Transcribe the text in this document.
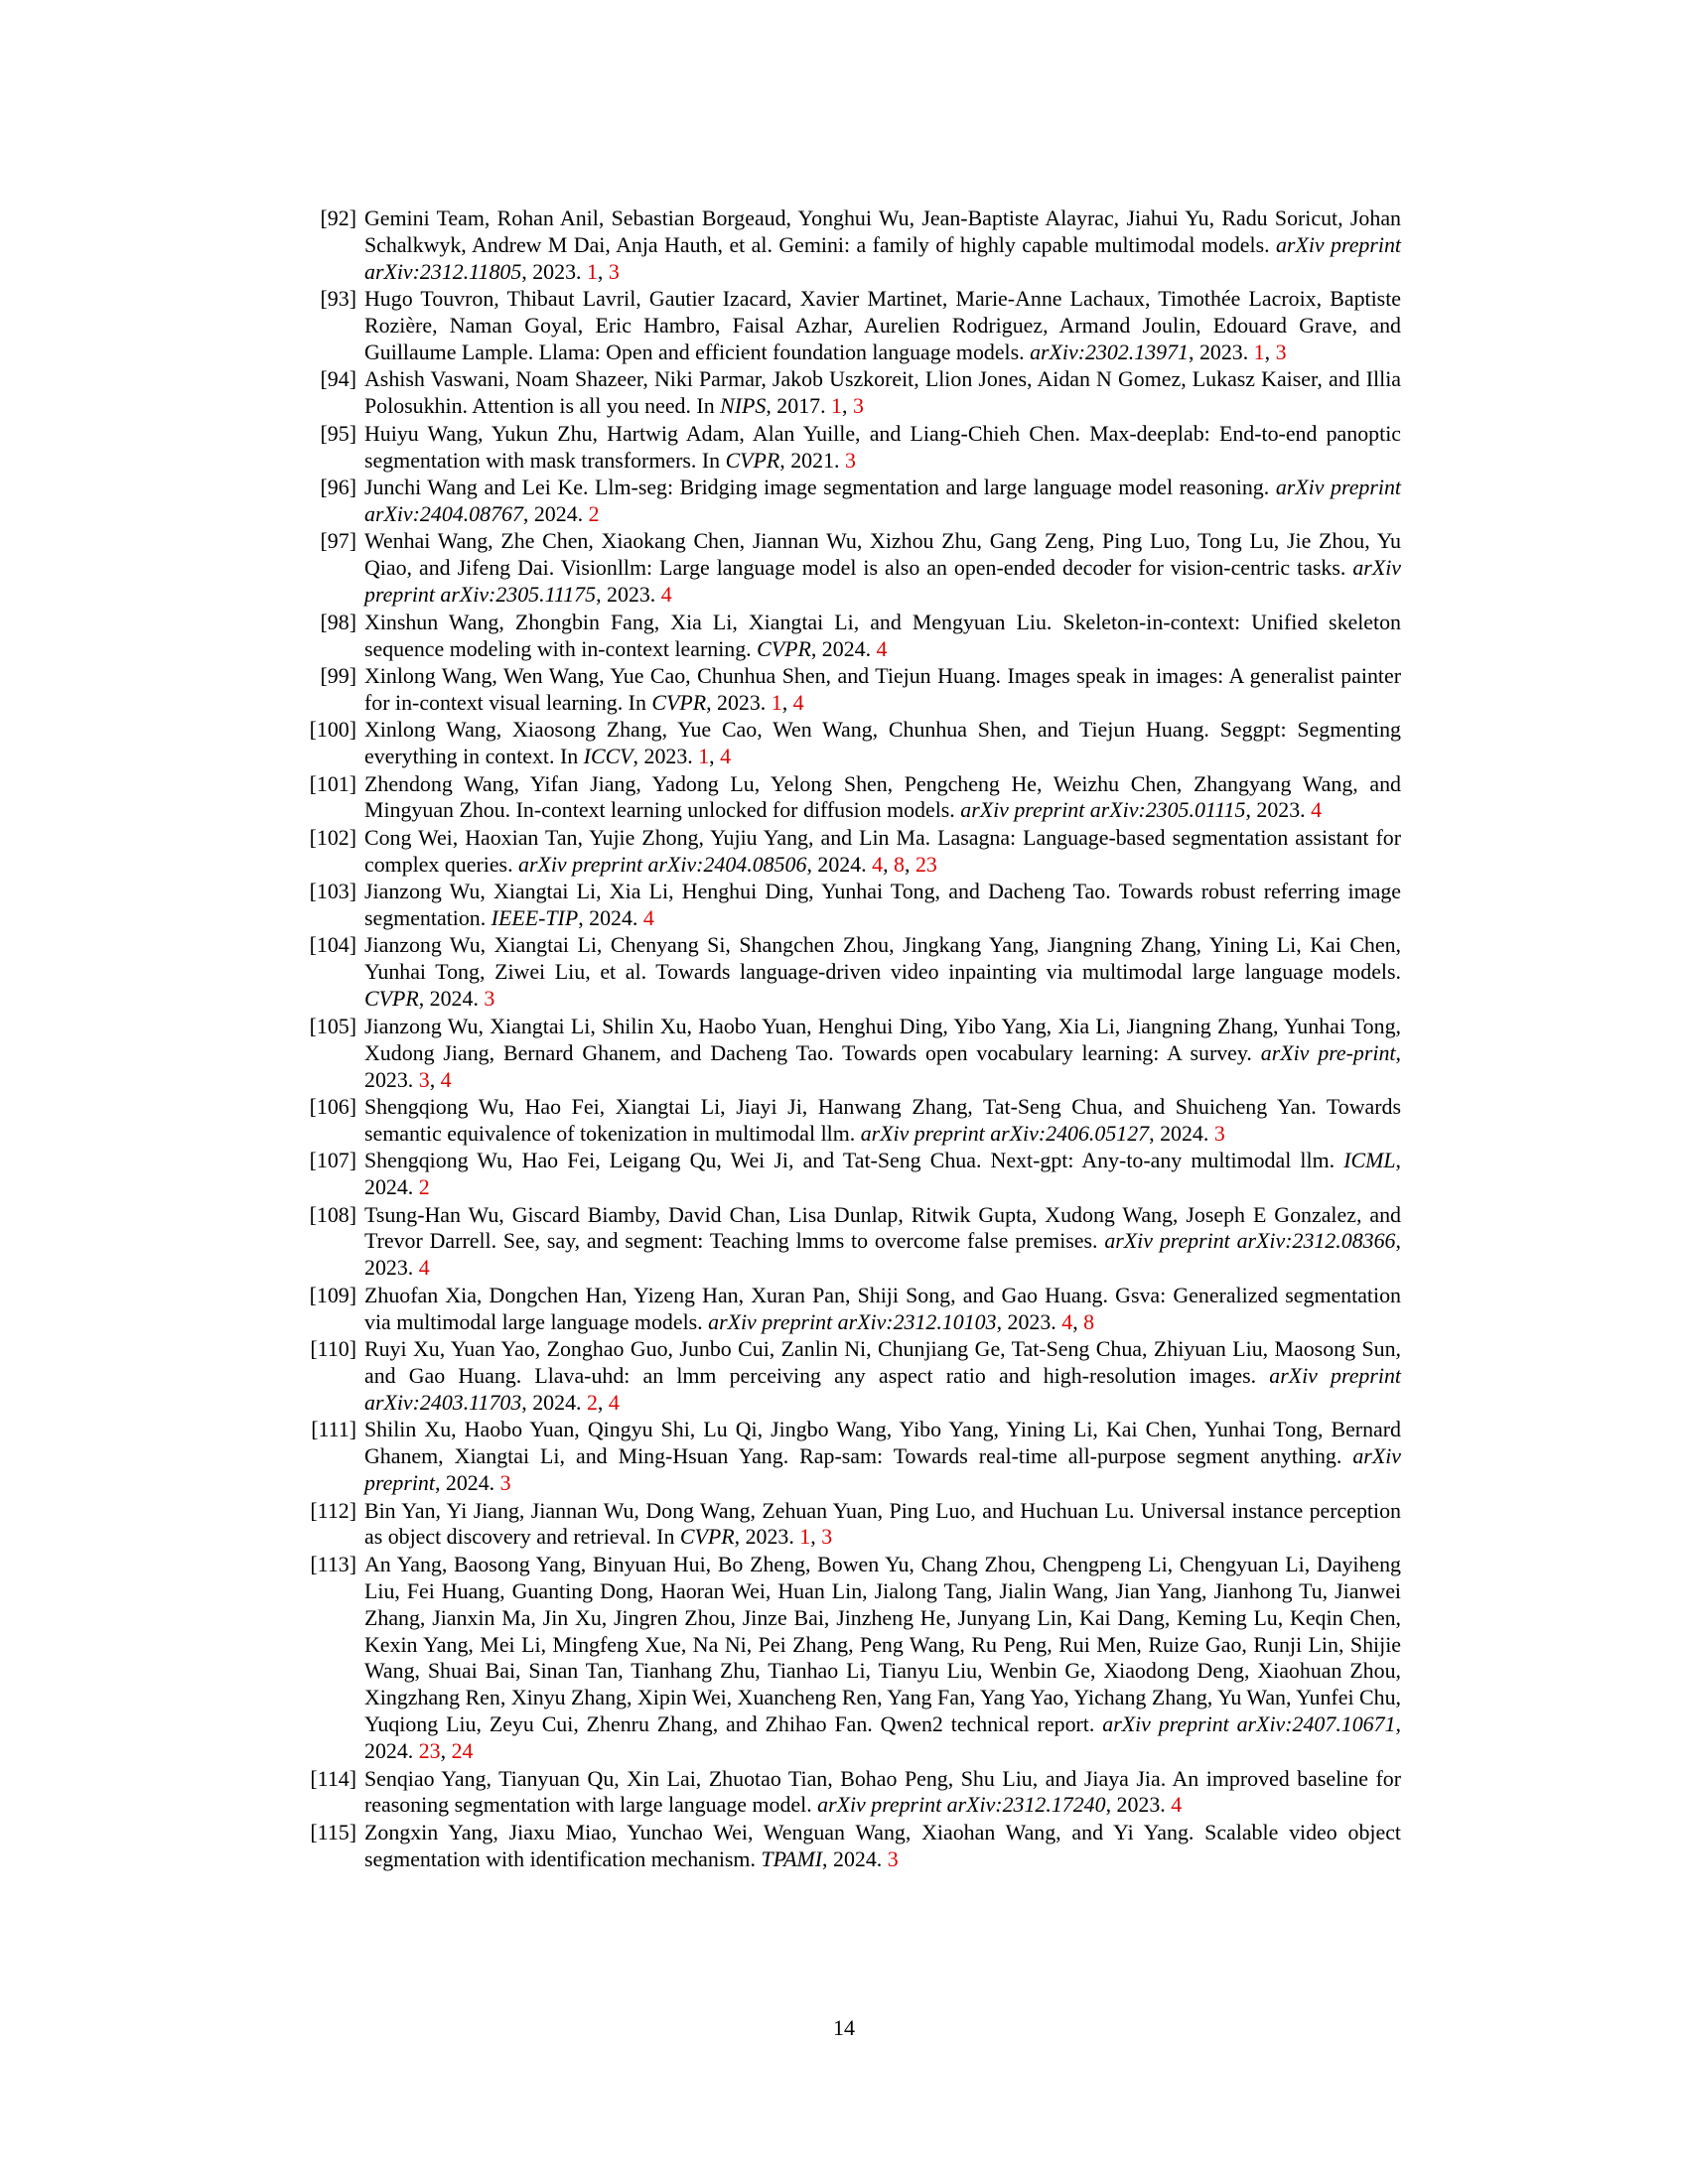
[92] Gemini Team, Rohan Anil, Sebastian Borgeaud, Yonghui Wu, Jean-Baptiste Alayrac, Jiahui Yu, Radu Soricut, Johan Schalkwyk, Andrew M Dai, Anja Hauth, et al. Gemini: a family of highly capable multimodal models. arXiv preprint arXiv:2312.11805, 2023. 1, 3
[93] Hugo Touvron, Thibaut Lavril, Gautier Izacard, Xavier Martinet, Marie-Anne Lachaux, Timothée Lacroix, Baptiste Rozière, Naman Goyal, Eric Hambro, Faisal Azhar, Aurelien Rodriguez, Armand Joulin, Edouard Grave, and Guillaume Lample. Llama: Open and efficient foundation language models. arXiv:2302.13971, 2023. 1, 3
[94] Ashish Vaswani, Noam Shazeer, Niki Parmar, Jakob Uszkoreit, Llion Jones, Aidan N Gomez, Lukasz Kaiser, and Illia Polosukhin. Attention is all you need. In NIPS, 2017. 1, 3
[95] Huiyu Wang, Yukun Zhu, Hartwig Adam, Alan Yuille, and Liang-Chieh Chen. Max-deeplab: End-to-end panoptic segmentation with mask transformers. In CVPR, 2021. 3
[96] Junchi Wang and Lei Ke. Llm-seg: Bridging image segmentation and large language model reasoning. arXiv preprint arXiv:2404.08767, 2024. 2
[97] Wenhai Wang, Zhe Chen, Xiaokang Chen, Jiannan Wu, Xizhou Zhu, Gang Zeng, Ping Luo, Tong Lu, Jie Zhou, Yu Qiao, and Jifeng Dai. Visionllm: Large language model is also an open-ended decoder for vision-centric tasks. arXiv preprint arXiv:2305.11175, 2023. 4
[98] Xinshun Wang, Zhongbin Fang, Xia Li, Xiangtai Li, and Mengyuan Liu. Skeleton-in-context: Unified skeleton sequence modeling with in-context learning. CVPR, 2024. 4
[99] Xinlong Wang, Wen Wang, Yue Cao, Chunhua Shen, and Tiejun Huang. Images speak in images: A generalist painter for in-context visual learning. In CVPR, 2023. 1, 4
[100] Xinlong Wang, Xiaosong Zhang, Yue Cao, Wen Wang, Chunhua Shen, and Tiejun Huang. Seggpt: Segmenting everything in context. In ICCV, 2023. 1, 4
[101] Zhendong Wang, Yifan Jiang, Yadong Lu, Yelong Shen, Pengcheng He, Weizhu Chen, Zhangyang Wang, and Mingyuan Zhou. In-context learning unlocked for diffusion models. arXiv preprint arXiv:2305.01115, 2023. 4
[102] Cong Wei, Haoxian Tan, Yujie Zhong, Yujiu Yang, and Lin Ma. Lasagna: Language-based segmentation assistant for complex queries. arXiv preprint arXiv:2404.08506, 2024. 4, 8, 23
[103] Jianzong Wu, Xiangtai Li, Xia Li, Henghui Ding, Yunhai Tong, and Dacheng Tao. Towards robust referring image segmentation. IEEE-TIP, 2024. 4
[104] Jianzong Wu, Xiangtai Li, Chenyang Si, Shangchen Zhou, Jingkang Yang, Jiangning Zhang, Yining Li, Kai Chen, Yunhai Tong, Ziwei Liu, et al. Towards language-driven video inpainting via multimodal large language models. CVPR, 2024. 3
[105] Jianzong Wu, Xiangtai Li, Shilin Xu, Haobo Yuan, Henghui Ding, Yibo Yang, Xia Li, Jiangning Zhang, Yunhai Tong, Xudong Jiang, Bernard Ghanem, and Dacheng Tao. Towards open vocabulary learning: A survey. arXiv pre-print, 2023. 3, 4
[106] Shengqiong Wu, Hao Fei, Xiangtai Li, Jiayi Ji, Hanwang Zhang, Tat-Seng Chua, and Shuicheng Yan. Towards semantic equivalence of tokenization in multimodal llm. arXiv preprint arXiv:2406.05127, 2024. 3
[107] Shengqiong Wu, Hao Fei, Leigang Qu, Wei Ji, and Tat-Seng Chua. Next-gpt: Any-to-any multimodal llm. ICML, 2024. 2
[108] Tsung-Han Wu, Giscard Biamby, David Chan, Lisa Dunlap, Ritwik Gupta, Xudong Wang, Joseph E Gonzalez, and Trevor Darrell. See, say, and segment: Teaching lmms to overcome false premises. arXiv preprint arXiv:2312.08366, 2023. 4
[109] Zhuofan Xia, Dongchen Han, Yizeng Han, Xuran Pan, Shiji Song, and Gao Huang. Gsva: Generalized segmentation via multimodal large language models. arXiv preprint arXiv:2312.10103, 2023. 4, 8
[110] Ruyi Xu, Yuan Yao, Zonghao Guo, Junbo Cui, Zanlin Ni, Chunjiang Ge, Tat-Seng Chua, Zhiyuan Liu, Maosong Sun, and Gao Huang. Llava-uhd: an lmm perceiving any aspect ratio and high-resolution images. arXiv preprint arXiv:2403.11703, 2024. 2, 4
[111] Shilin Xu, Haobo Yuan, Qingyu Shi, Lu Qi, Jingbo Wang, Yibo Yang, Yining Li, Kai Chen, Yunhai Tong, Bernard Ghanem, Xiangtai Li, and Ming-Hsuan Yang. Rap-sam: Towards real-time all-purpose segment anything. arXiv preprint, 2024. 3
[112] Bin Yan, Yi Jiang, Jiannan Wu, Dong Wang, Zehuan Yuan, Ping Luo, and Huchuan Lu. Universal instance perception as object discovery and retrieval. In CVPR, 2023. 1, 3
[113] An Yang, Baosong Yang, Binyuan Hui, Bo Zheng, Bowen Yu, Chang Zhou, Chengpeng Li, Chengyuan Li, Dayiheng Liu, Fei Huang, Guanting Dong, Haoran Wei, Huan Lin, Jialong Tang, Jialin Wang, Jian Yang, Jianhong Tu, Jianwei Zhang, Jianxin Ma, Jin Xu, Jingren Zhou, Jinze Bai, Jinzheng He, Junyang Lin, Kai Dang, Keming Lu, Keqin Chen, Kexin Yang, Mei Li, Mingfeng Xue, Na Ni, Pei Zhang, Peng Wang, Ru Peng, Rui Men, Ruize Gao, Runji Lin, Shijie Wang, Shuai Bai, Sinan Tan, Tianhang Zhu, Tianhao Li, Tianyu Liu, Wenbin Ge, Xiaodong Deng, Xiaohuan Zhou, Xingzhang Ren, Xinyu Zhang, Xipin Wei, Xuancheng Ren, Yang Fan, Yang Yao, Yichang Zhang, Yu Wan, Yunfei Chu, Yuqiong Liu, Zeyu Cui, Zhenru Zhang, and Zhihao Fan. Qwen2 technical report. arXiv preprint arXiv:2407.10671, 2024. 23, 24
[114] Senqiao Yang, Tianyuan Qu, Xin Lai, Zhuotao Tian, Bohao Peng, Shu Liu, and Jiaya Jia. An improved baseline for reasoning segmentation with large language model. arXiv preprint arXiv:2312.17240, 2023. 4
[115] Zongxin Yang, Jiaxu Miao, Yunchao Wei, Wenguan Wang, Xiaohan Wang, and Yi Yang. Scalable video object segmentation with identification mechanism. TPAMI, 2024. 3
14
